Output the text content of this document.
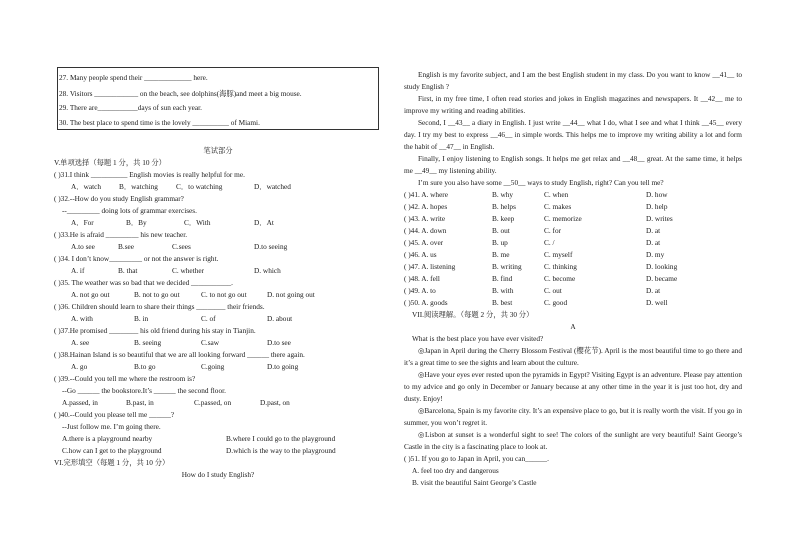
27. Many people spend their _____________ here.
28. Visitors ____________ on the beach, see dolphins(海豚)and meet a big mouse.
29. There are___________days of sun each year.
30. The best place to spend time is the lovely __________ of Miami.
笔试部分
V.单项选择（每题 1 分，共 10 分）
( )31.I think __________ English movies is really helpful for me.
A．watch B．watching C．to watching	D．watched
( )32.--How do you study English grammar?
--_________ doing lots of grammar exercises.
A．For	B．By	C．With	D．At
( )33.He is afraid _________ his new teacher.
A.to see	B.see	C.sees	D.to seeing
( )34. I don’t know_________ or not the answer is right.
A. if	B. that	C. whether	D. which
( )35. The weather was so bad that we decided ___________.
A. not go out	B. not to go out	C. to not go out	D. not going out
( )36. Children should learn to share their things ________ their friends.
A. with	B. in	C. of	D. about
( )37.He promised ________ his old friend during his stay in Tianjin.
A. see	B. seeing	C.saw	D.to see
( )38.Hainan Island is so beautiful that we are all looking forward ______ there again.
A. go	B.to go	C.going	D.to going
( )39.--Could you tell me where the restroom is?
--Go ______ the bookstore.It’s ______ the second floor.
A.passed, in	B.past, in	C.passed, on	D.past, on
( )40.--Could you please tell me ______?
--Just follow me. I’m going there.
A.there is a playground nearby	B.where I could go to the playground
C.how can I get to the playground	D.which is the way to the playground
VI.完形填空（每题 1 分，共 10 分）
How do I study English?

English is my favorite subject, and I am the best English student in my class. Do you want to know __41__ to study English ?

First, in my free time, I often read stories and jokes in English magazines and newspapers. It __42__ me to improve my writing and reading abilities.

Second, I __43__ a diary in English. I just write __44__ what I do, what I see and what I think __45__ every day. I try my best to express __46__ in simple words. This helps me to improve my writing ability a lot and form the habit of __47__ in English.

Finally, I enjoy listening to English songs. It helps me get relax and __48__ great. At the same time, it helps me __49__ my listening ability.

I’m sure you also have some __50__ ways to study English, right? Can you tell me?

( )41. A. where	B. why	C. when	D. how
( )42. A. hopes	B. helps	C. makes	D. help
( )43. A. write	B. keep	C. memorize	D. writes
( )44. A. down	B. out	C. for	D. at
( )45. A. over	B. up	C. /	D. at
( )46. A. us	B. me	C. myself	D. my
( )47. A. listening	B. writing	C. thinking	D. looking
( )48. A. fell	B. find	C. become	D. became
( )49. A. to	B. with	C. out	D. at
( )50. A. goods	B. best	C. good	D. well
VII.阅读理解。（每题 2 分，共 30 分）
A
What is the best place you have ever visited?

◎Japan in April during the Cherry Blossom Festival (樱花节). April is the most beautiful time to go there and it’s a great time to see the sights and learn about the culture.

◎Have your eyes ever rested upon the pyramids in Egypt? Visiting Egypt is an adventure. Please pay attention to my advice and go only in December or January because at any other time in the year it is just too hot, dry and dusty. Enjoy!

◎Barcelona, Spain is my favorite city. It’s an expensive place to go, but it is really worth the visit. If you go in summer, you won’t regret it.

◎Lisbon at sunset is a wonderful sight to see! The colors of the sunlight are very beautiful! Saint George’s Castle in the city is a fascinating place to look at.

( )51. If you go to Japan in April, you can______.
A. feel too dry and dangerous
B. visit the beautiful Saint George’s Castle
